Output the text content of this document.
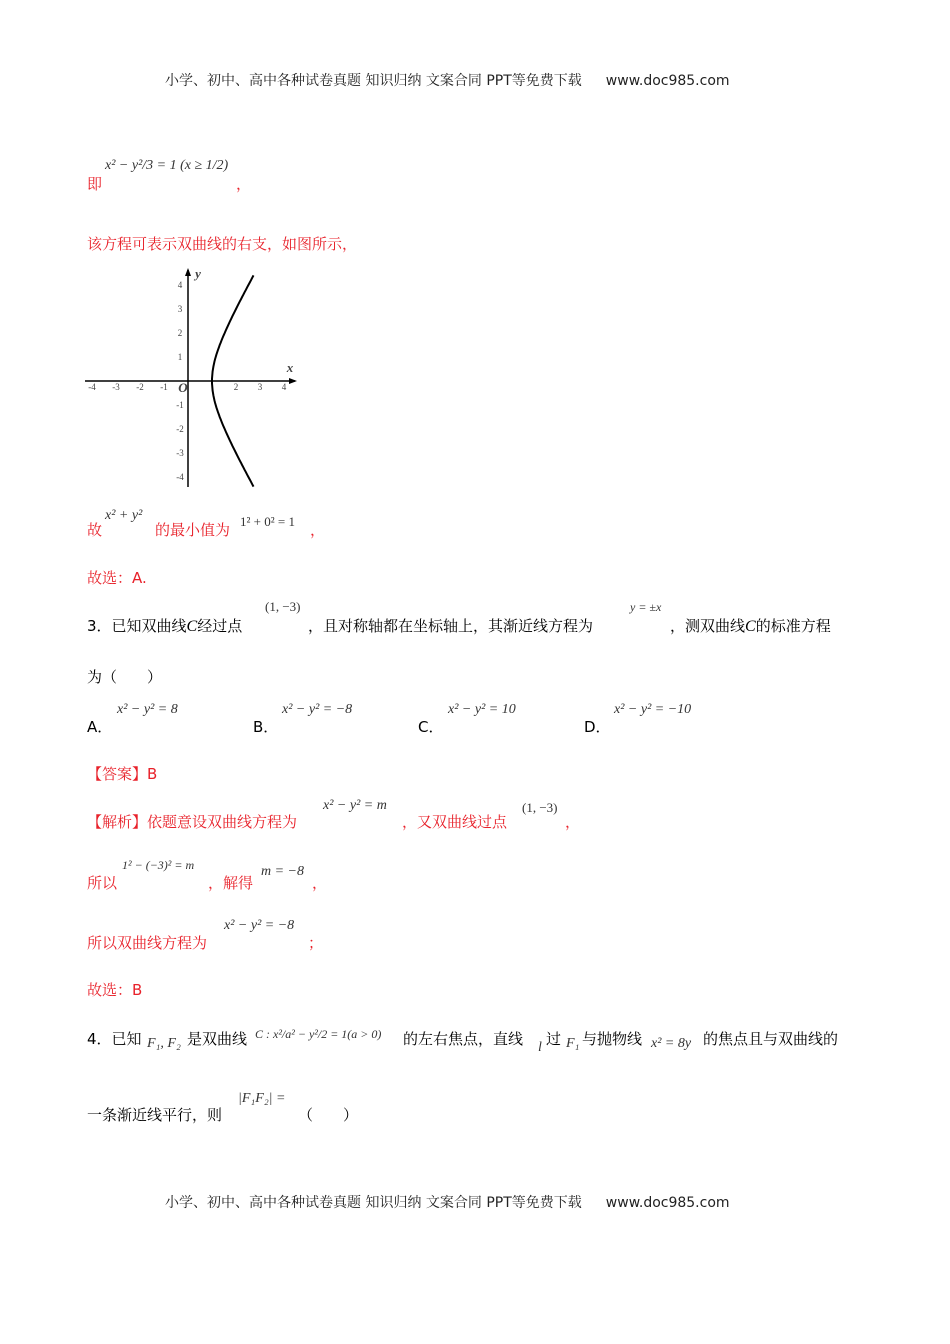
小学、初中、高中各种试卷真题 知识归纳 文案合同 PPT等免费下载 www.doc985.com
即
x² − y²/3 = 1 (x ≥ 1/2)
，
该方程可表示双曲线的右支，如图所示，
-4 -3 -2 -1	2 3 4
4
3
2
1
-1
-2
-3
-4
O
x
y
故
x² + y²
的最小值为 1² + 0² = 1 ，
故选：A.
3．已知双曲线C经过点
(1, −3)
，且对称轴都在坐标轴上，其渐近线方程为
y = ±x
，测双曲线C的标准方程
为（　　）
A．
x² − y² = 8
B．
x² − y² = −8
C．
x² − y² = 10
D．
x² − y² = −10
【答案】B
【解析】依题意设双曲线方程为
x² − y² = m
，又双曲线过点
(1, −3)
，
所以
1² − (−3)² = m
，解得
m = −8
，
所以双曲线方程为
x² − y² = −8
；
故选：B
4．已知 F₁, F₂ 是双曲线 C : x²/a² − y²/2 = 1(a > 0) 的左右焦点，直线 l 过 F₁ 与抛物线 x² = 8y 的焦点且与双曲线的
一条渐近线平行，则
|F₁F₂| =
（　　）
小学、初中、高中各种试卷真题 知识归纳 文案合同 PPT等免费下载 www.doc985.com
